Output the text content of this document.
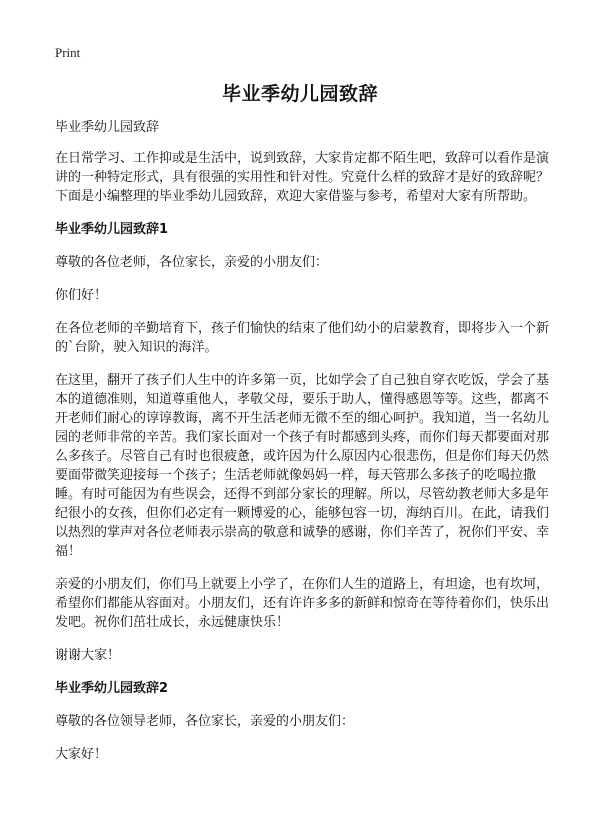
Print
毕业季幼儿园致辞

毕业季幼儿园致辞

在日常学习、工作抑或是生活中，说到致辞，大家肯定都不陌生吧，致辞可以看作是演讲的一种特定形式，具有很强的实用性和针对性。究竟什么样的致辞才是好的致辞呢？下面是小编整理的毕业季幼儿园致辞，欢迎大家借鉴与参考，希望对大家有所帮助。

毕业季幼儿园致辞1

尊敬的各位老师，各位家长，亲爱的小朋友们：

你们好！

在各位老师的辛勤培育下，孩子们愉快的结束了他们幼小的启蒙教育，即将步入一个新的`台阶，驶入知识的海洋。

在这里，翻开了孩子们人生中的许多第一页，比如学会了自己独自穿衣吃饭，学会了基本的道德准则，知道尊重他人，孝敬父母，要乐于助人，懂得感恩等等。这些，都离不开老师们耐心的谆谆教诲，离不开生活老师无微不至的细心呵护。我知道，当一名幼儿园的老师非常的辛苦。我们家长面对一个孩子有时都感到头疼，而你们每天都要面对那么多孩子。尽管自己有时也很疲惫，或许因为什么原因内心很悲伤，但是你们每天仍然要面带微笑迎接每一个孩子；生活老师就像妈妈一样，每天管那么多孩子的吃喝拉撒睡。有时可能因为有些误会，还得不到部分家长的理解。所以，尽管幼教老师大多是年纪很小的女孩，但你们必定有一颗博爱的心，能够包容一切，海纳百川。在此，请我们以热烈的掌声对各位老师表示崇高的敬意和诚挚的感谢，你们辛苦了，祝你们平安、幸福！

亲爱的小朋友们，你们马上就要上小学了，在你们人生的道路上，有坦途，也有坎坷，希望你们都能从容面对。小朋友们，还有许许多多的新鲜和惊奇在等待着你们，快乐出发吧。祝你们茁壮成长，永远健康快乐！

谢谢大家！

毕业季幼儿园致辞2

尊敬的各位领导老师，各位家长，亲爱的小朋友们：

大家好！
